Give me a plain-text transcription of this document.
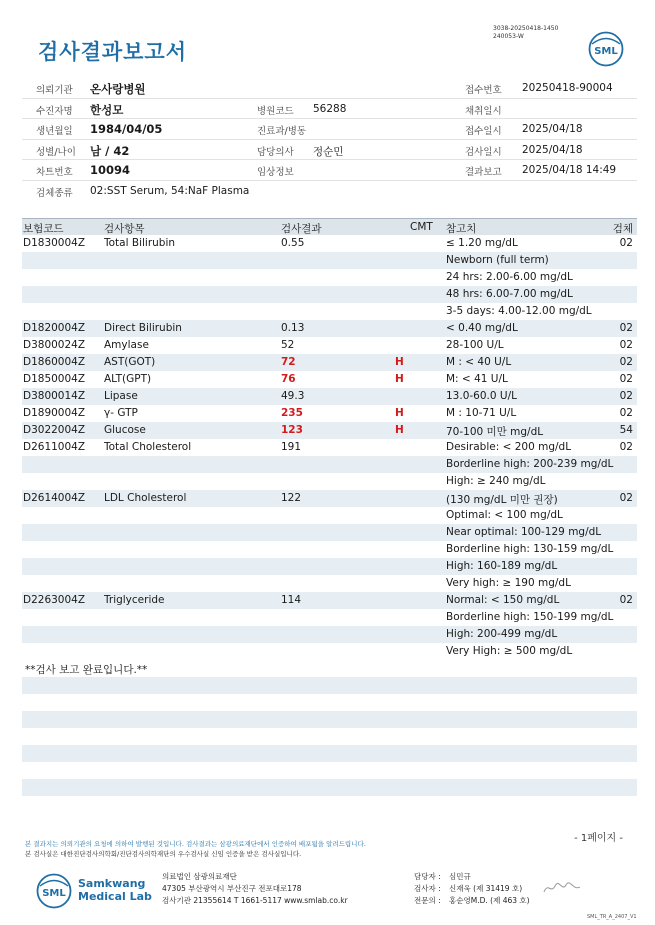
3038-20250418-1450
240053-W
검사결과보고서	SML
의뢰기관 온사랑병원	접수번호 20250418-90004
수진자명 한성모	병원코드 56288	채취일시
생년월일 1984/04/05	진료과/병동	접수일시 2025/04/18
성별/나이 남 / 42	담당의사 정순민	검사일시 2025/04/18
차트번호 10094	임상정보	결과보고 2025/04/18 14:49
검체종류 02:SST Serum, 54:NaF Plasma
보험코드	검사항목	검사결과	CMT 참고치	검체
D1830004Z Total Bilirubin	0.55	≤ 1.20 mg/dL	02
Newborn (full term)
24 hrs: 2.00-6.00 mg/dL
48 hrs: 6.00-7.00 mg/dL
3-5 days: 4.00-12.00 mg/dL
D1820004Z Direct Bilirubin	0.13	< 0.40 mg/dL	02
D3800024Z Amylase	52	28-100 U/L	02
D1860004Z AST(GOT)	72	H	M : < 40 U/L	02
D1850004Z ALT(GPT)	76	H	M: < 41 U/L	02
D3800014Z Lipase	49.3	13.0-60.0 U/L	02
D1890004Z γ- GTP	235	H	M : 10-71 U/L	02
D3022004Z Glucose	123	H	70-100 미만 mg/dL	54
D2611004Z Total Cholesterol	191	Desirable: < 200 mg/dL	02
Borderline high: 200-239 mg/dL
High: ≥ 240 mg/dL
D2614004Z LDL Cholesterol	122	(130 mg/dL 미만 권장)	02
Optimal: < 100 mg/dL
Near optimal: 100-129 mg/dL
Borderline high: 130-159 mg/dL
High: 160-189 mg/dL
Very high: ≥ 190 mg/dL
D2263004Z Triglyceride	114	Normal: < 150 mg/dL	02
Borderline high: 150-199 mg/dL
High: 200-499 mg/dL
Very High: ≥ 500 mg/dL
**검사 보고 완료입니다.**
- 1페이지 -
본 결과지는 의뢰기관의 요청에 의하여 발행된 것입니다. 검사결과는 삼광의료재단에서 인증하여 배포됨을 알려드립니다.
본 검사실은 대한진단검사의학회/진단검사의학재단의 우수검사실 신임 인증을 받은 검사실입니다.
SML
Samkwang
Medical Lab
의료법인 삼광의료재단
47305 부산광역시 부산진구 전포대로178
검사기관 21355614 T 1661-5117 www.smlab.co.kr
담당자 : 심민규
검사자 : 신재욱 (제 31419 호)
전문의 : 홍순영M.D. (제 463 호)
SML_TR_A_2407_V1
